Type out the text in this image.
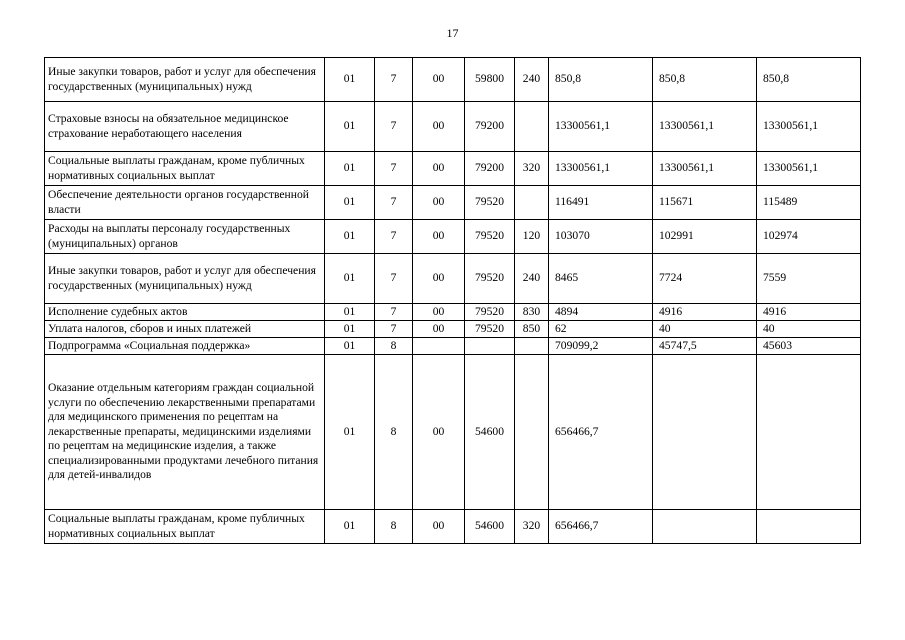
17
Иные закупки товаров, работ и услуг для обеспечения государственных (муниципальных) нужд	01	7	00	59800	240	850,8	850,8	850,8
Страховые взносы на обязательное медицинское страхование неработающего населения	01	7	00	79200		13300561,1	13300561,1	13300561,1
Социальные выплаты гражданам, кроме публичных нормативных социальных выплат	01	7	00	79200	320	13300561,1	13300561,1	13300561,1
Обеспечение деятельности органов государственной власти	01	7	00	79520		116491	115671	115489
Расходы на выплаты персоналу государственных (муниципальных) органов	01	7	00	79520	120	103070	102991	102974
Иные закупки товаров, работ и услуг для обеспечения государственных (муниципальных) нужд	01	7	00	79520	240	8465	7724	7559
Исполнение судебных актов	01	7	00	79520	830	4894	4916	4916
Уплата налогов, сборов и иных платежей	01	7	00	79520	850	62	40	40
Подпрограмма «Социальная поддержка»	01	8				709099,2	45747,5	45603
Оказание отдельным категориям граждан социальной услуги по обеспечению лекарственными препаратами для медицинского применения по рецептам на лекарственные препараты, медицинскими изделиями по рецептам на медицинские изделия, а также специализированными продуктами лечебного питания для детей-инвалидов	01	8	00	54600		656466,7		
Социальные выплаты гражданам, кроме публичных нормативных социальных выплат	01	8	00	54600	320	656466,7		
